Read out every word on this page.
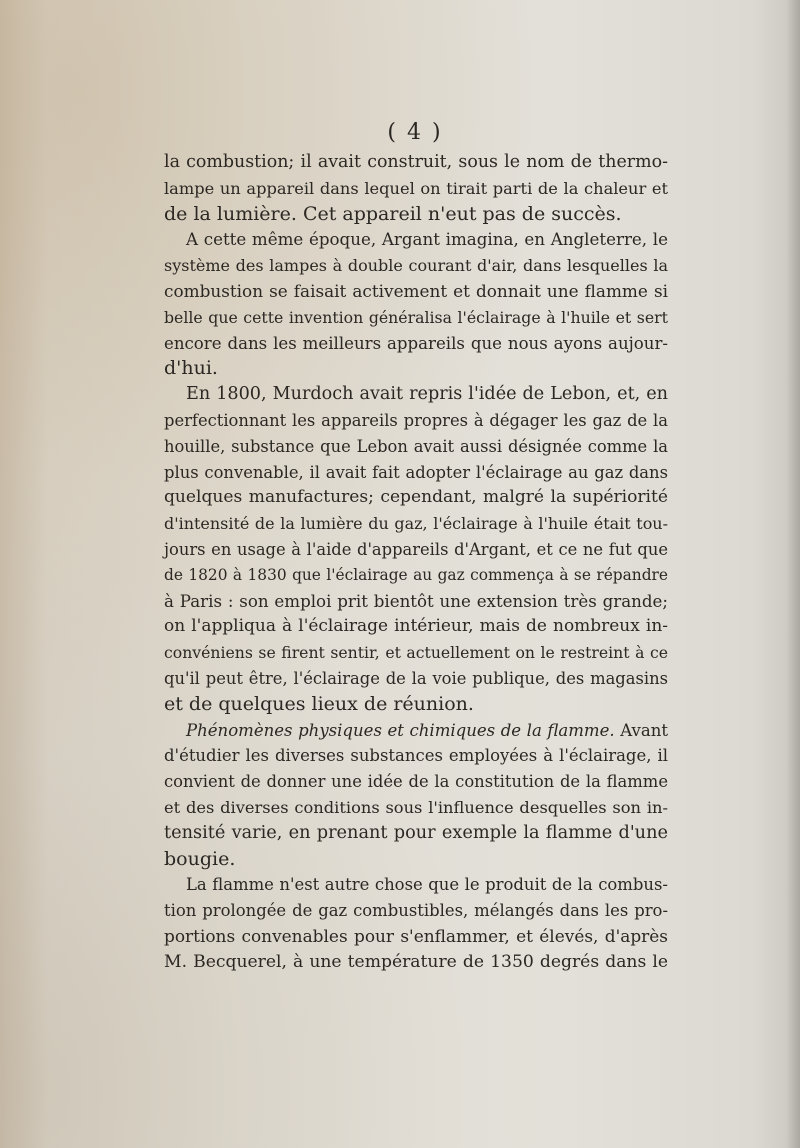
( 4 )
la combustion; il avait construit, sous le nom de thermo-
lampe un appareil dans lequel on tirait parti de la chaleur et
de la lumière. Cet appareil n'eut pas de succès.
A cette même époque, Argant imagina, en Angleterre, le
système des lampes à double courant d'air, dans lesquelles la
combustion se faisait activement et donnait une flamme si
belle que cette invention généralisa l'éclairage à l'huile et sert
encore dans les meilleurs appareils que nous ayons aujour-
d'hui.
En 1800, Murdoch avait repris l'idée de Lebon, et, en
perfectionnant les appareils propres à dégager les gaz de la
houille, substance que Lebon avait aussi désignée comme la
plus convenable, il avait fait adopter l'éclairage au gaz dans
quelques manufactures; cependant, malgré la supériorité
d'intensité de la lumière du gaz, l'éclairage à l'huile était tou-
jours en usage à l'aide d'appareils d'Argant, et ce ne fut que
de 1820 à 1830 que l'éclairage au gaz commença à se répandre
à Paris : son emploi prit bientôt une extension très grande;
on l'appliqua à l'éclairage intérieur, mais de nombreux in-
convéniens se firent sentir, et actuellement on le restreint à ce
qu'il peut être, l'éclairage de la voie publique, des magasins
et de quelques lieux de réunion.
Phénomènes physiques et chimiques de la flamme. Avant
d'étudier les diverses substances employées à l'éclairage, il
convient de donner une idée de la constitution de la flamme
et des diverses conditions sous l'influence desquelles son in-
tensité varie, en prenant pour exemple la flamme d'une
bougie.
La flamme n'est autre chose que le produit de la combus-
tion prolongée de gaz combustibles, mélangés dans les pro-
portions convenables pour s'enflammer, et élevés, d'après
M. Becquerel, à une température de 1350 degrés dans le
